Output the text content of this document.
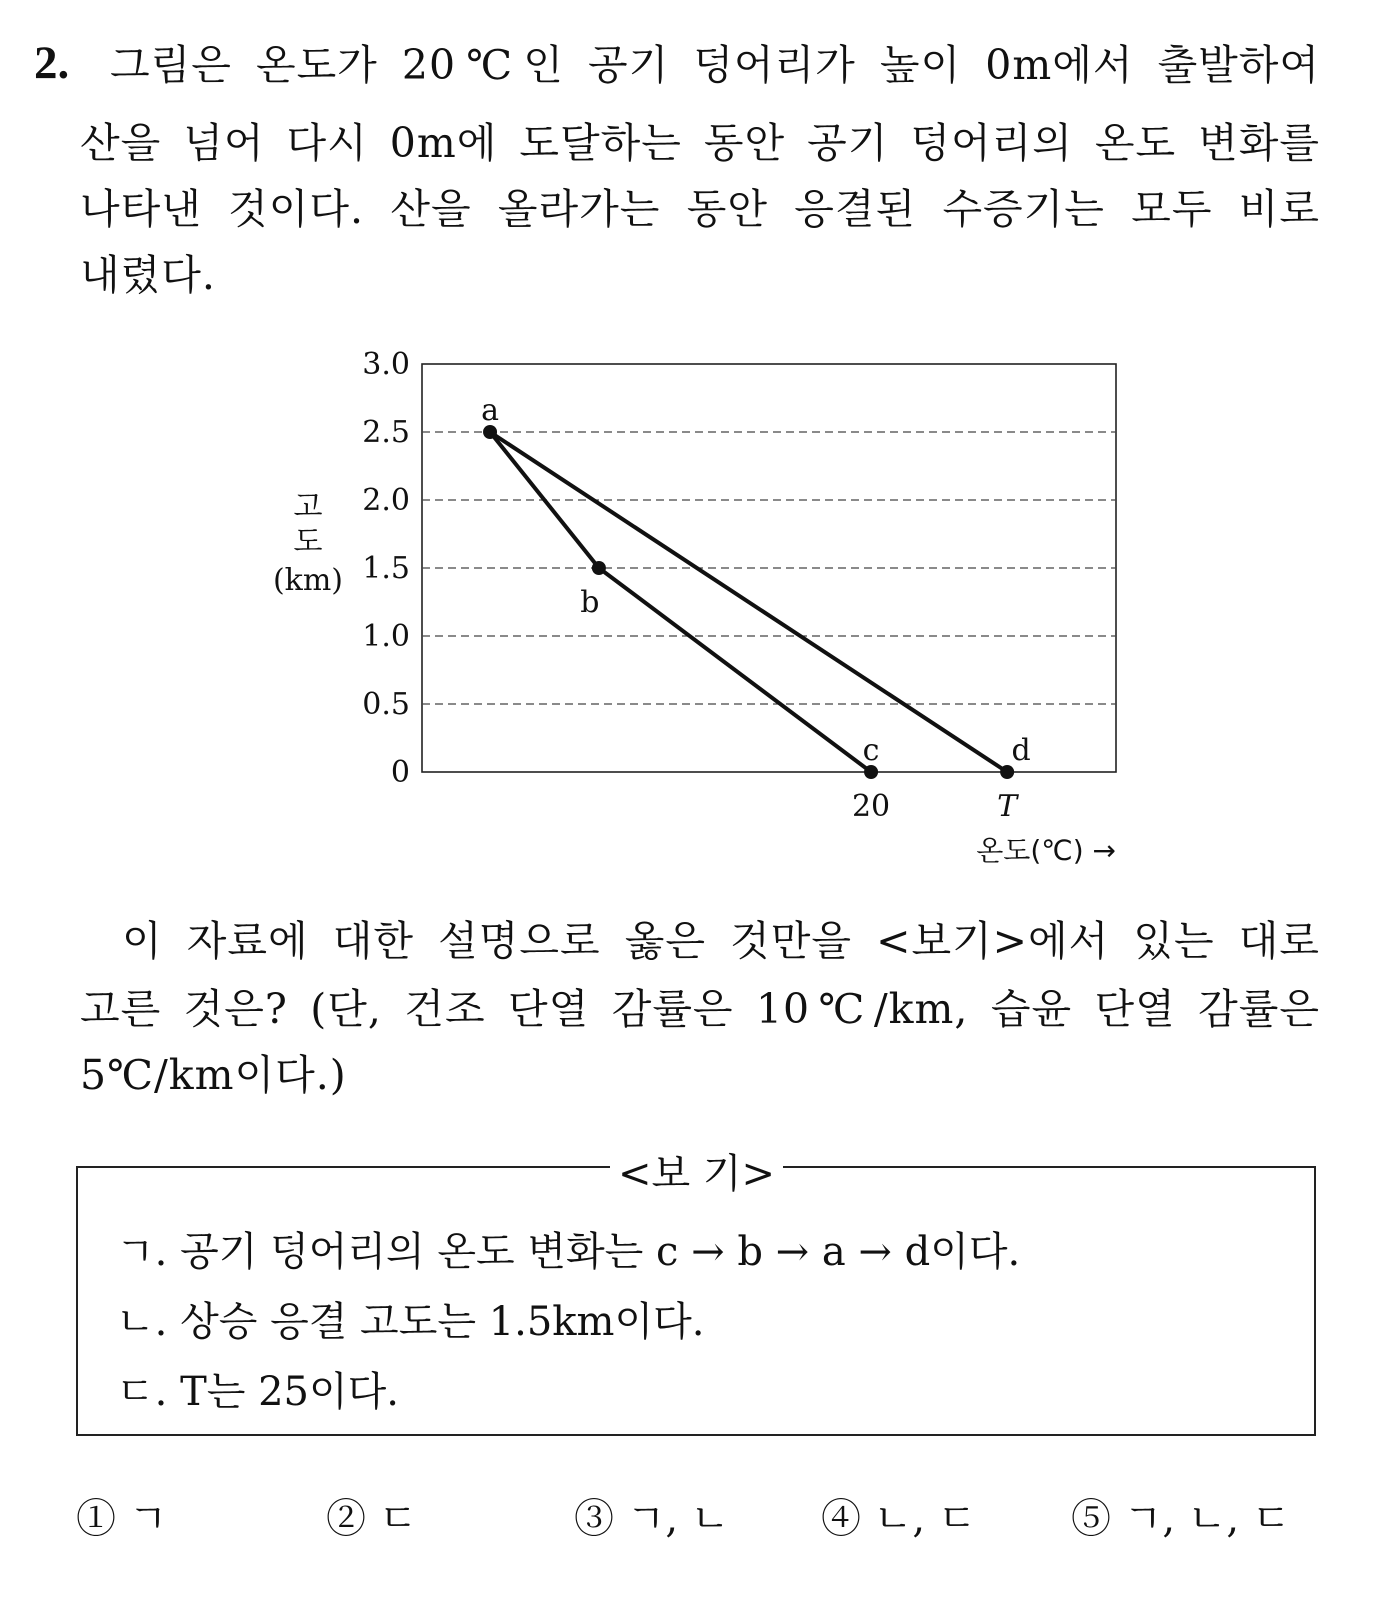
2. 그림은 온도가 20℃인 공기 덩어리가 높이 0m에서 출발하여
산을 넘어 다시 0m에 도달하는 동안 공기 덩어리의 온도 변화를
나타낸 것이다. 산을 올라가는 동안 응결된 수증기는 모두 비로
내렸다.
3.0
2.5
2.0
1.5
1.0
0.5
0
고
도
(km)
20	T
온도(℃) →
a
b
c	d
이 자료에 대한 설명으로 옳은 것만을 <보기>에서 있는 대로
고른 것은? (단, 건조 단열 감률은 10℃/km, 습윤 단열 감률은
5℃/km이다.)
<보 기>
ㄱ. 공기 덩어리의 온도 변화는 c → b → a → d이다.
ㄴ. 상승 응결 고도는 1.5km이다.
ㄷ. T는 25이다.
① ㄱ	② ㄷ	③ ㄱ, ㄴ ④ ㄴ, ㄷ ⑤ ㄱ, ㄴ, ㄷ
